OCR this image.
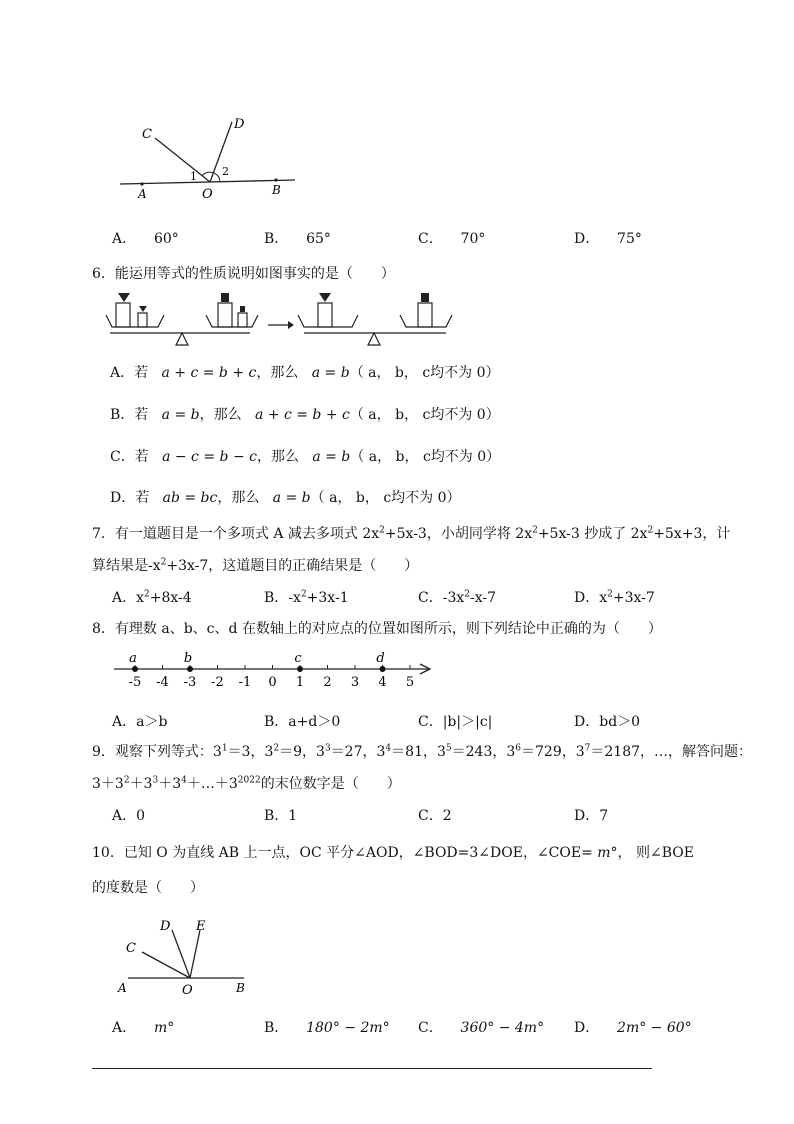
C
D
1 2
A	O	B
A． 60°	B． 65°	C． 70°	D． 75°
6．能运用等式的性质说明如图事实的是（　　）
A．若 a + c = b + c，那么 a = b（ a， b， c均不为 0）
B．若 a = b，那么 a + c = b + c（ a， b， c均不为 0）
C．若 a − c = b − c，那么 a = b（ a， b， c均不为 0）
D．若 ab = bc，那么 a = b（ a， b， c均不为 0）
7．有一道题目是一个多项式 A 减去多项式 $2x^2+5x-3$，小胡同学将 $2x^2+5x-3$ 抄成了 $2x^2+5x+3$，计
算结果是$-x^2+3x-7$，这道题目的正确结果是（　　）
A．$x^2+8x-4$	B．$-x^2+3x-1$	C．$-3x^2-x-7$	D．$x^2+3x-7$
8．有理数 a、b、c、d 在数轴上的对应点的位置如图所示，则下列结论中正确的为（　　）
-5 -4 -3 -2 -1 0 1 2 3 4 5
a	b	c	d
A．a＞b	B．a+d＞0	C．|b|＞|c|	D．bd＞0
9．观察下列等式：$3^1=3$，$3^2=9$，$3^3=27$，$3^4=81$，$3^5=243$，$3^6=729$，$3^7=2187$，…，解答问题：
$3+3^2+3^3+3^4+\dots+3^{2022}$的末位数字是（　　）
A．0	B．1	C．2	D．7
10．已知 O 为直线 AB 上一点，OC 平分∠AOD，∠BOD=3∠DOE，∠COE= m°， 则∠BOE
的度数是（　　）
D E
C
A	O	B
A． m°	B． 180° − 2m° C． 360° − 4m° D． 2m° − 60°
